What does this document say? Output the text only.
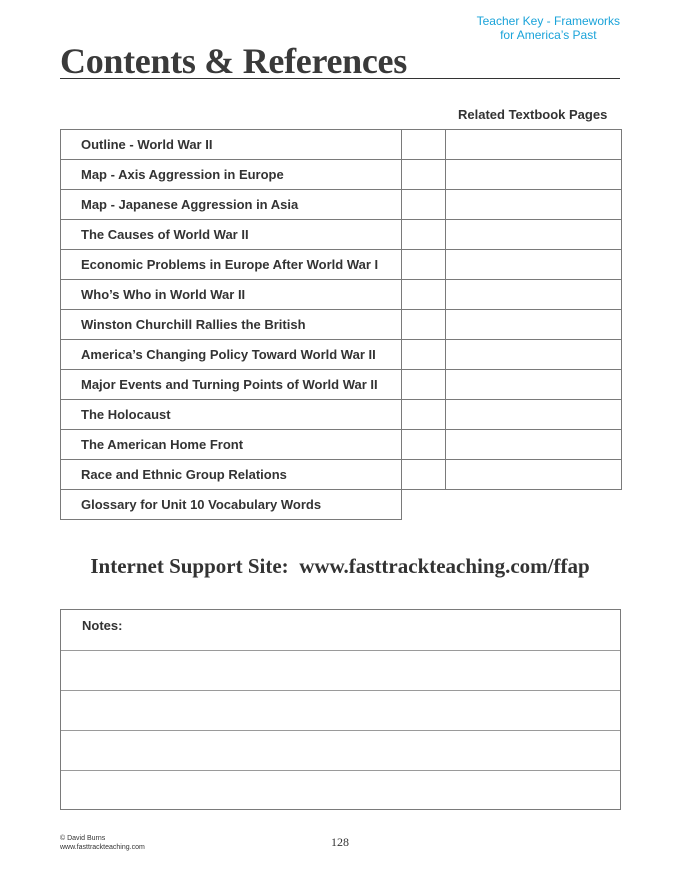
Teacher Key - Frameworks
for America’s Past
Contents & References
Related Textbook Pages
Outline - World War II		
Map - Axis Aggression in Europe		
Map - Japanese Aggression in Asia		
The Causes of World War II		
Economic Problems in Europe After World War I		
Who’s Who in World War II		
Winston Churchill Rallies the British		
America’s Changing Policy Toward World War II		
Major Events and Turning Points of World War II		
The Holocaust		
The American Home Front		
Race and Ethnic Group Relations		
Glossary for Unit 10 Vocabulary Words		
Internet Support Site: www.fasttrackteaching.com/ffap
Notes:
© David Burns
www.fasttrackteaching.com	128
